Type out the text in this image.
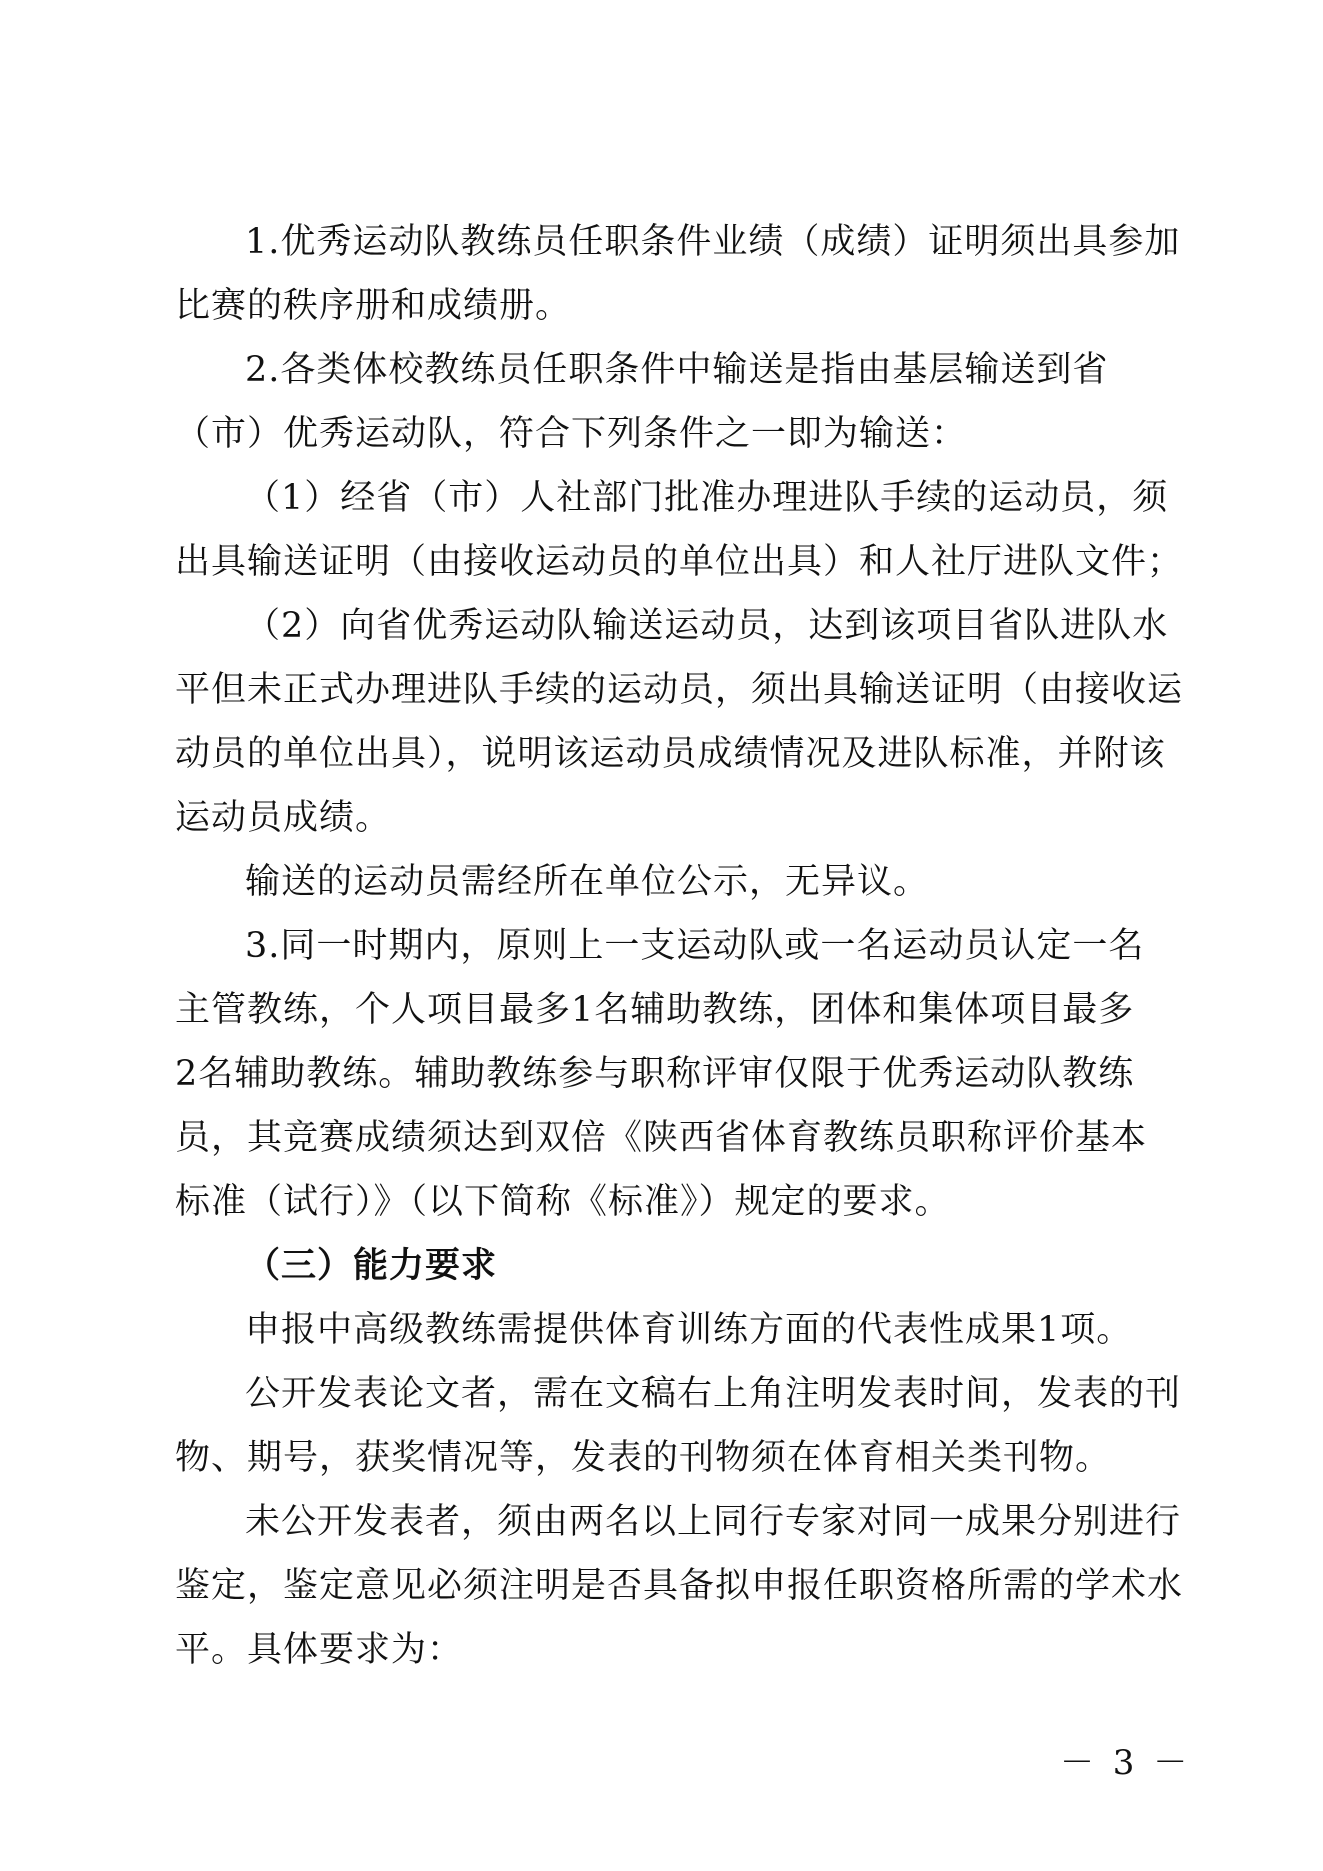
1.优秀运动队教练员任职条件业绩（成绩）证明须出具参加
比赛的秩序册和成绩册。

2.各类体校教练员任职条件中输送是指由基层输送到省
（市）优秀运动队，符合下列条件之一即为输送：

（1）经省（市）人社部门批准办理进队手续的运动员，须
出具输送证明（由接收运动员的单位出具）和人社厅进队文件；

（2）向省优秀运动队输送运动员，达到该项目省队进队水
平但未正式办理进队手续的运动员，须出具输送证明（由接收运
动员的单位出具），说明该运动员成绩情况及进队标准，并附该
运动员成绩。

输送的运动员需经所在单位公示，无异议。

3.同一时期内，原则上一支运动队或一名运动员认定一名
主管教练，个人项目最多1名辅助教练，团体和集体项目最多
2名辅助教练。辅助教练参与职称评审仅限于优秀运动队教练
员，其竞赛成绩须达到双倍《陕西省体育教练员职称评价基本
标准（试行）》（以下简称《标准》）规定的要求。

（三）能力要求

申报中高级教练需提供体育训练方面的代表性成果1项。

公开发表论文者，需在文稿右上角注明发表时间，发表的刊
物、期号，获奖情况等，发表的刊物须在体育相关类刊物。

未公开发表者，须由两名以上同行专家对同一成果分别进行
鉴定，鉴定意见必须注明是否具备拟申报任职资格所需的学术水
平。具体要求为：

－ 3 －
